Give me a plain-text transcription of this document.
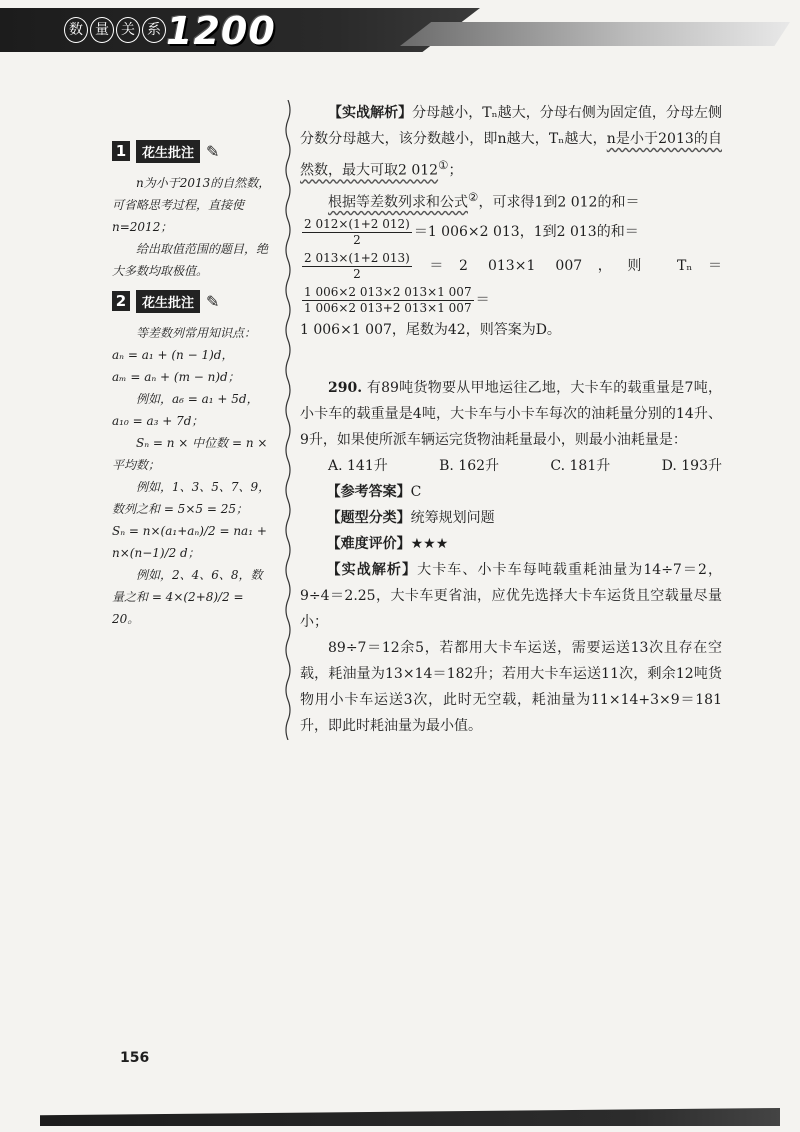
数 量 关 系 1200
1	花生批注 ✎

n为小于2013的自然数，可省略思考过程，直接使n=2012；

给出取值范围的题目，绝大多数均取极值。

2	花生批注 ✎

等差数列常用知识点：

aₙ = a₁ + (n − 1)d，

aₘ = aₙ + (m − n)d；

例如，a₆ = a₁ + 5d，a₁₀ = a₃ + 7d；

Sₙ = n × 中位数 = n × 平均数；

例如，1、3、5、7、9，数列之和 = 5×5 = 25；

Sₙ = n×(a₁+aₙ)/2 = na₁ + n×(n−1)/2 d；

例如，2、4、6、8，数量之和 = 4×(2+8)/2 = 20。

【实战解析】分母越小，Tₙ越大，分母右侧为固定值，分母左侧分数分母越大，该分数越小，即n越大，Tₙ越大，n是小于2013的自然数，最大可取2 012①；

根据等差数列求和公式②，可求得1到2 012的和＝

$\frac{2 012\times(1+2 012)}{2} =1$ 006×2 013，1到2 013的和＝

$\frac{2 013\times(1+2 013)}{2} =2$ 013×1 007，则 Tₙ＝
$\frac{1 006\times 2 013\times 2 013\times 1 007}{1 006\times 2 013+2 013\times 1 007}$ ＝

1 006×1 007，尾数为42，则答案为D。

290. 有89吨货物要从甲地运往乙地，大卡车的载重量是7吨，小卡车的载重量是4吨，大卡车与小卡车每次的油耗量分别的14升、9升，如果使所派车辆运完货物油耗量最小，则最小油耗量是：

A. 141升	B. 162升	C. 181升	D. 193升

【参考答案】C

【题型分类】统筹规划问题

【难度评价】★★★

【实战解析】大卡车、小卡车每吨载重耗油量为14÷7＝2，9÷4＝2.25，大卡车更省油，应优先选择大卡车运货且空载量尽量小；

89÷7＝12余5，若都用大卡车运送，需要运送13次且存在空载，耗油量为13×14＝182升；若用大卡车运送11次，剩余12吨货物用小卡车运送3次，此时无空载，耗油量为11×14+3×9＝181升，即此时耗油量为最小值。

156
